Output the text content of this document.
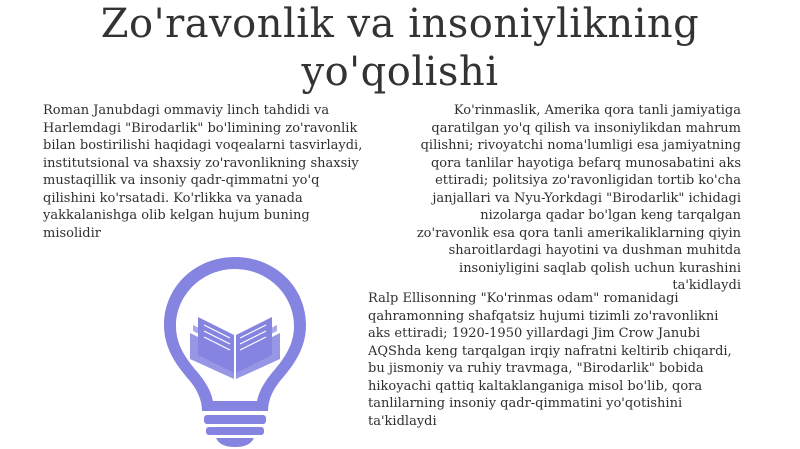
Zo'ravonlik va insoniylikning yo'qolishi

Roman Janubdagi ommaviy linch tahdidi va Harlemdagi "Birodarlik" bo'limining zo'ravonlik bilan bostirilishi haqidagi voqealarni tasvirlaydi, institutsional va shaxsiy zo'ravonlikning shaxsiy mustaqillik va insoniy qadr-qimmatni yo'q qilishini ko'rsatadi. Ko'rlikka va yanada yakkalanishga olib kelgan hujum buning misolidir

Ko'rinmaslik, Amerika qora tanli jamiyatiga qaratilgan yo'q qilish va insoniylikdan mahrum qilishni; rivoyatchi noma'lumligi esa jamiyatning qora tanlilar hayotiga befarq munosabatini aks ettiradi; politsiya zo'ravonligidan tortib ko'cha janjallari va Nyu-Yorkdagi "Birodarlik" ichidagi nizolarga qadar bo'lgan keng tarqalgan zo'ravonlik esa qora tanli amerikaliklarning qiyin sharoitlardagi hayotini va dushman muhitda insoniyligini saqlab qolish uchun kurashini ta'kidlaydi

Ralp Ellisonning "Ko'rinmas odam" romanidagi qahramonning shafqatsiz hujumi tizimli zo'ravonlikni aks ettiradi; 1920-1950 yillardagi Jim Crow Janubi AQShda keng tarqalgan irqiy nafratni keltirib chiqardi, bu jismoniy va ruhiy travmaga, "Birodarlik" bobida hikoyachi qattiq kaltaklanganiga misol bo'lib, qora tanlilarning insoniy qadr-qimmatini yo'qotishini ta'kidlaydi
